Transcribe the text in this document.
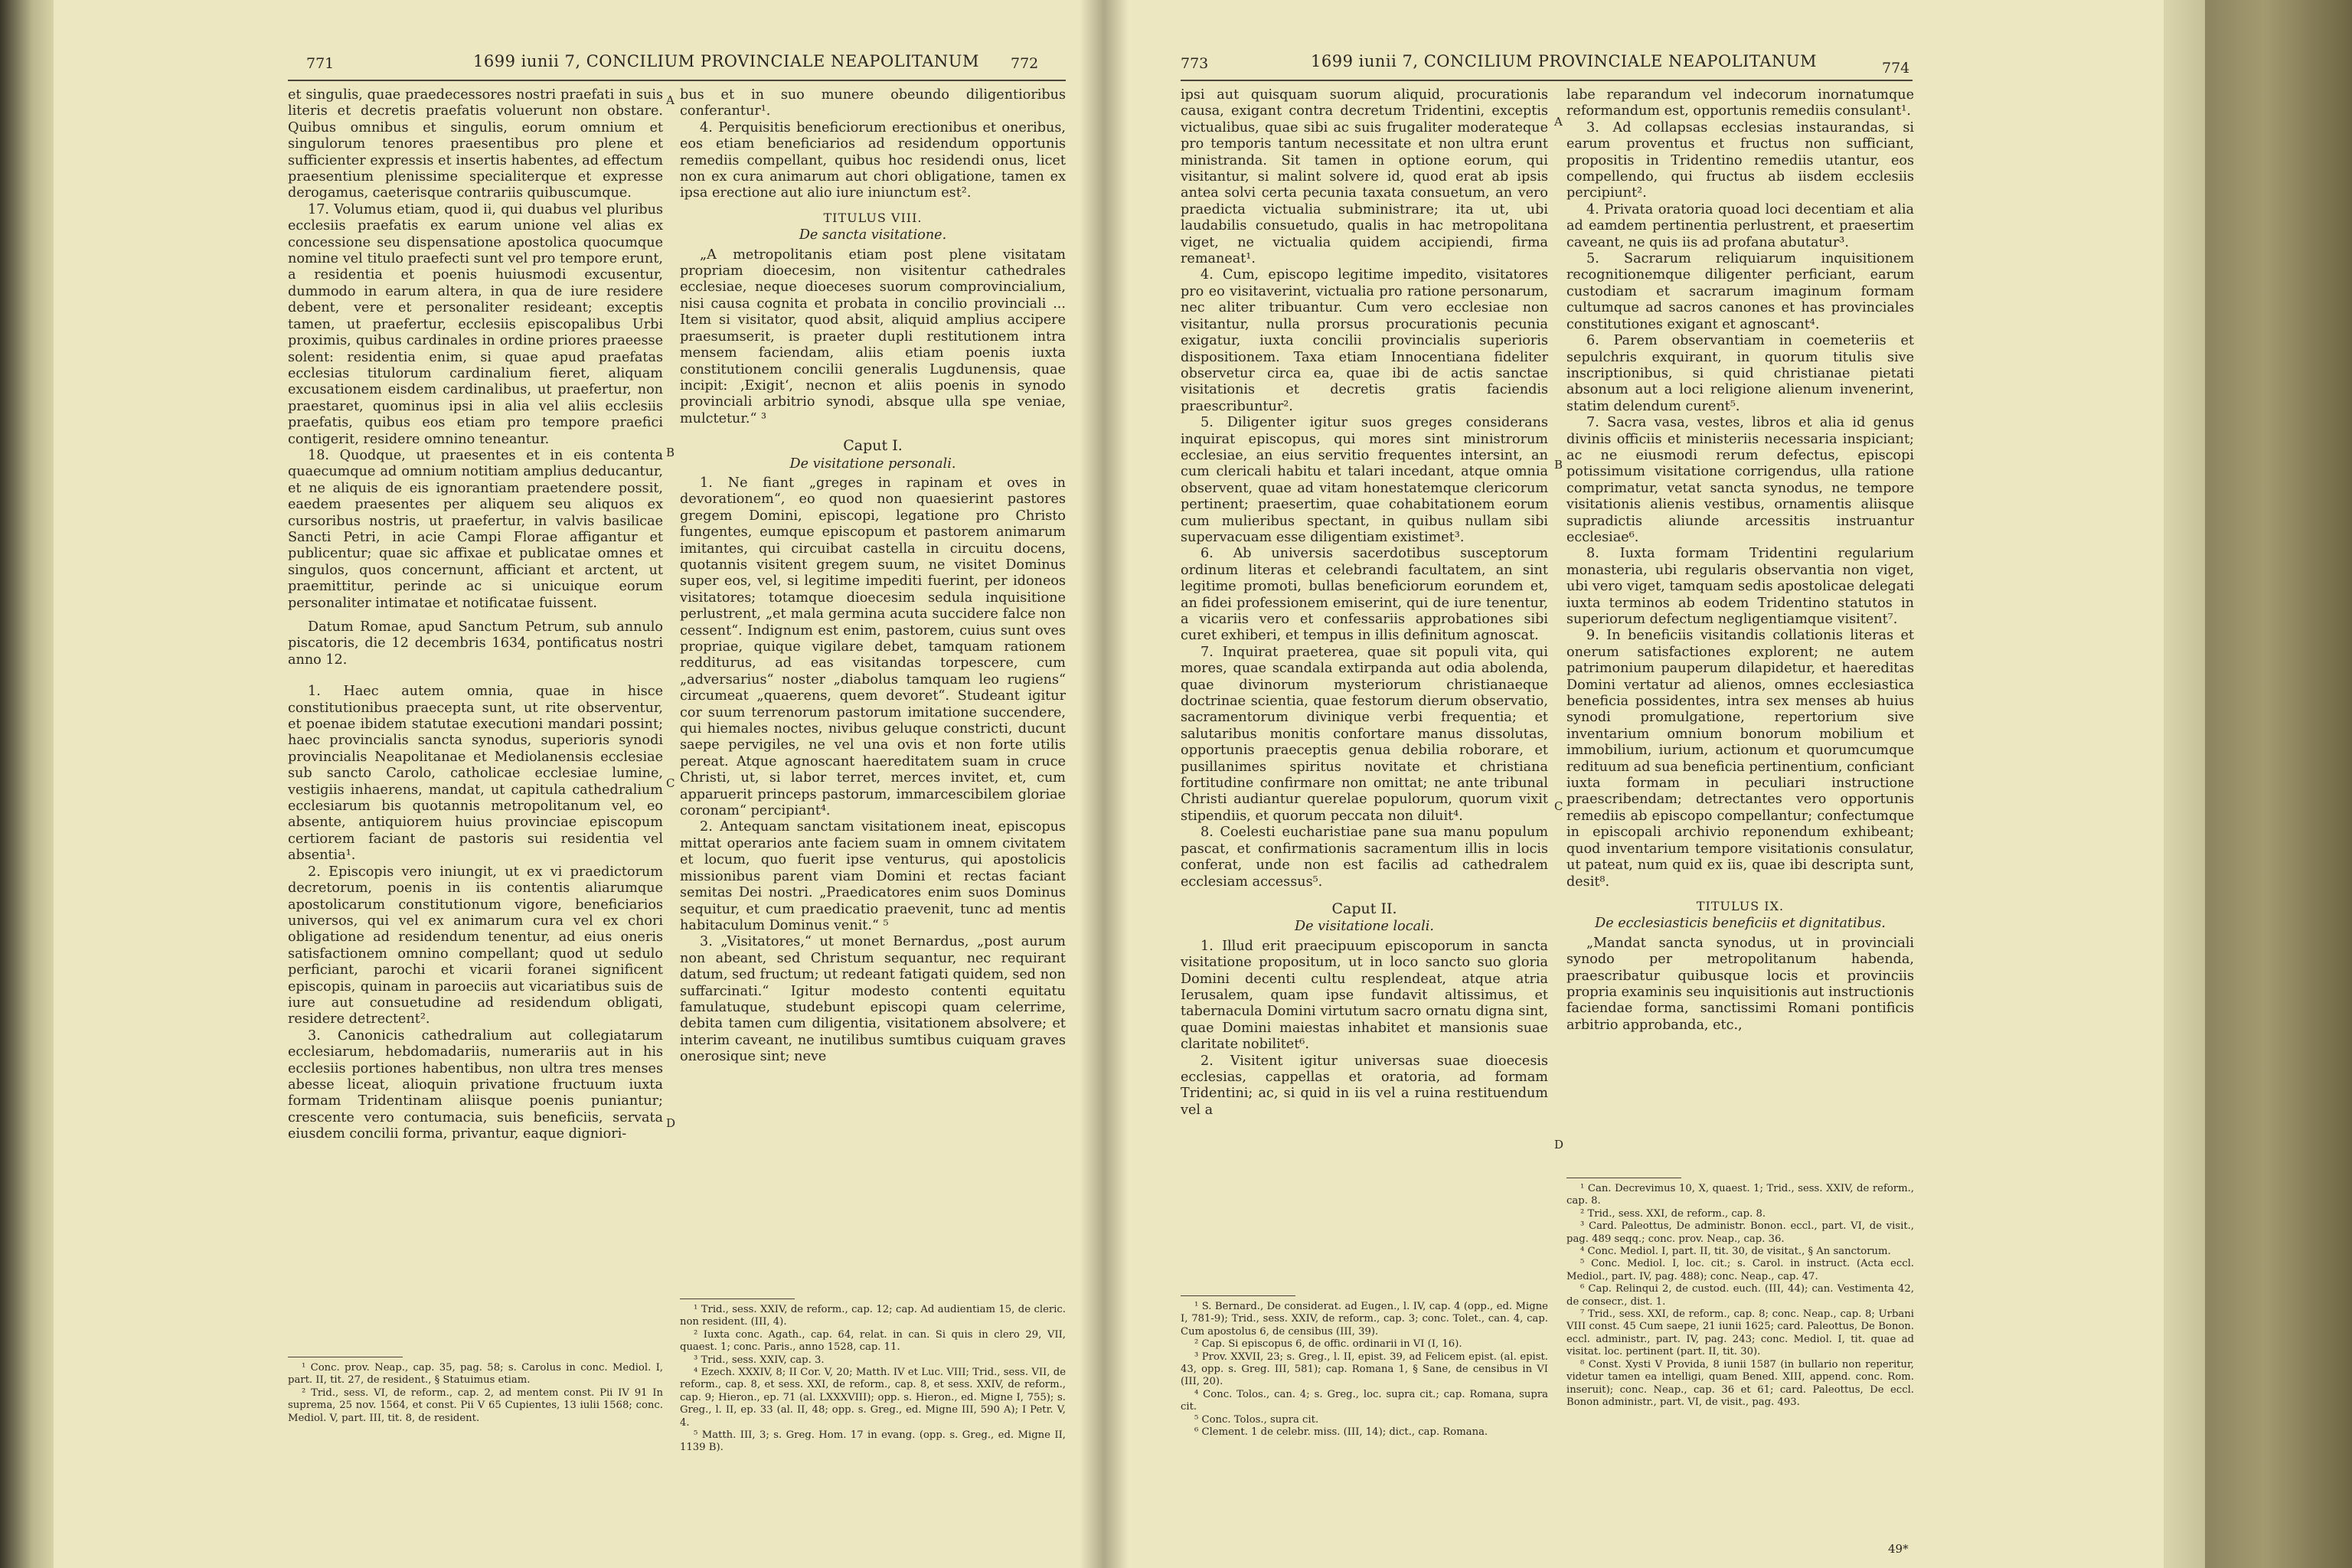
771	1699 iunii 7, CONCILIUM PROVINCIALE NEAPOLITANUM 772

et singulis, quae praedecessores nostri praefati in suis literis et decretis praefatis voluerunt non obstare. Quibus omnibus et singulis, eorum omnium et singulorum tenores praesentibus pro plene et sufficienter expressis et insertis habentes, ad effectum praesentium plenissime specialiterque et expresse derogamus, caeterisque contrariis quibuscumque.

17. Volumus etiam, quod ii, qui duabus vel pluribus ecclesiis praefatis ex earum unione vel alias ex concessione seu dispensatione apostolica quocumque nomine vel titulo praefecti sunt vel pro tempore erunt, a residentia et poenis huiusmodi excusentur, dummodo in earum altera, in qua de iure residere debent, vere et personaliter resideant; exceptis tamen, ut praefertur, ecclesiis episcopalibus Urbi proximis, quibus cardinales in ordine priores praeesse solent: residentia enim, si quae apud praefatas ecclesias titulorum cardinalium fieret, aliquam excusationem eisdem cardinalibus, ut praefertur, non praestaret, quominus ipsi in alia vel aliis ecclesiis praefatis, quibus eos etiam pro tempore praefici contigerit, residere omnino teneantur.

18. Quodque, ut praesentes et in eis contenta quaecumque ad omnium notitiam amplius deducantur, et ne aliquis de eis ignorantiam praetendere possit, eaedem praesentes per aliquem seu aliquos ex cursoribus nostris, ut praefertur, in valvis basilicae Sancti Petri, in acie Campi Florae affigantur et publicentur; quae sic affixae et publicatae omnes et singulos, quos concernunt, afficiant et arctent, ut praemittitur, perinde ac si unicuique eorum personaliter intimatae et notificatae fuissent.

Datum Romae, apud Sanctum Petrum, sub annulo piscatoris, die 12 decembris 1634, pontificatus nostri anno 12.

1. Haec autem omnia, quae in hisce constitutionibus praecepta sunt, ut rite observentur, et poenae ibidem statutae executioni mandari possint; haec provincialis sancta synodus, superioris synodi provincialis Neapolitanae et Mediolanensis ecclesiae sub sancto Carolo, catholicae ecclesiae lumine, vestigiis inhaerens, mandat, ut capitula cathedralium ecclesiarum bis quotannis metropolitanum vel, eo absente, antiquiorem huius provinciae episcopum certiorem faciant de pastoris sui residentia vel absentia¹.

2. Episcopis vero iniungit, ut ex vi praedictorum decretorum, poenis in iis contentis aliarumque apostolicarum constitutionum vigore, beneficiarios universos, qui vel ex animarum cura vel ex chori obligatione ad residendum tenentur, ad eius oneris satisfactionem omnino compellant; quod ut sedulo perficiant, parochi et vicarii foranei significent episcopis, quinam in paroeciis aut vicariatibus suis de iure aut consuetudine ad residendum obligati, residere detrectent².

3. Canonicis cathedralium aut collegiatarum ecclesiarum, hebdomadariis, numerariis aut in his ecclesiis portiones habentibus, non ultra tres menses abesse liceat, alioquin privatione fructuum iuxta formam Tridentinam aliisque poenis puniantur; crescente vero contumacia, suis beneficiis, servata eiusdem concilii forma, privantur, eaque digniori-

¹ Conc. prov. Neap., cap. 35, pag. 58; s. Carolus in conc. Mediol. I, part. II, tit. 27, de resident., § Statuimus etiam.

² Trid., sess. VI, de reform., cap. 2, ad mentem const. Pii IV 91 In suprema, 25 nov. 1564, et const. Pii V 65 Cupientes, 13 iulii 1568; conc. Mediol. V, part. III, tit. 8, de resident.

A
B
C
D

bus et in suo munere obeundo diligentioribus conferantur¹.

4. Perquisitis beneficiorum erectionibus et oneribus, eos etiam beneficiarios ad residendum opportunis remediis compellant, quibus hoc residendi onus, licet non ex cura animarum aut chori obligatione, tamen ex ipsa erectione aut alio iure iniunctum est².

TITULUS VIII.
De sancta visitatione.

„A metropolitanis etiam post plene visitatam propriam dioecesim, non visitentur cathedrales ecclesiae, neque dioeceses suorum comprovincialium, nisi causa cognita et probata in concilio provinciali ... Item si visitator, quod absit, aliquid amplius accipere praesumserit, is praeter dupli restitutionem intra mensem faciendam, aliis etiam poenis iuxta constitutionem concilii generalis Lugdunensis, quae incipit: ‚Exigit‘, necnon et aliis poenis in synodo provinciali arbitrio synodi, absque ulla spe veniae, mulctetur.“ ³

Caput I.
De visitatione personali.

1. Ne fiant „greges in rapinam et oves in devorationem“, eo quod non quaesierint pastores gregem Domini, episcopi, legatione pro Christo fungentes, eumque episcopum et pastorem animarum imitantes, qui circuibat castella in circuitu docens, quotannis visitent gregem suum, ne visitet Dominus super eos, vel, si legitime impediti fuerint, per idoneos visitatores; totamque dioecesim sedula inquisitione perlustrent, „et mala germina acuta succidere falce non cessent“. Indignum est enim, pastorem, cuius sunt oves propriae, quique vigilare debet, tamquam rationem redditurus, ad eas visitandas torpescere, cum „adversarius“ noster „diabolus tamquam leo rugiens“ circumeat „quaerens, quem devoret“. Studeant igitur cor suum terrenorum pastorum imitatione succendere, qui hiemales noctes, nivibus geluque constricti, ducunt saepe pervigiles, ne vel una ovis et non forte utilis pereat. Atque agnoscant haereditatem suam in cruce Christi, ut, si labor terret, merces invitet, et, cum apparuerit princeps pastorum, immarcescibilem gloriae coronam“ percipiant⁴.

2. Antequam sanctam visitationem ineat, episcopus mittat operarios ante faciem suam in omnem civitatem et locum, quo fuerit ipse venturus, qui apostolicis missionibus parent viam Domini et rectas faciant semitas Dei nostri. „Praedicatores enim suos Dominus sequitur, et cum praedicatio praevenit, tunc ad mentis habitaculum Dominus venit.“ ⁵

3. „Visitatores,“ ut monet Bernardus, „post aurum non abeant, sed Christum sequantur, nec requirant datum, sed fructum; ut redeant fatigati quidem, sed non suffarcinati.“ Igitur modesto contenti equitatu famulatuque, studebunt episcopi quam celerrime, debita tamen cum diligentia, visitationem absolvere; et interim caveant, ne inutilibus sumtibus cuiquam graves onerosique sint; neve

¹ Trid., sess. XXIV, de reform., cap. 12; cap. Ad audientiam 15, de cleric. non resident. (III, 4).

² Iuxta conc. Agath., cap. 64, relat. in can. Si quis in clero 29, VII, quaest. 1; conc. Paris., anno 1528, cap. 11.

³ Trid., sess. XXIV, cap. 3.

⁴ Ezech. XXXIV, 8; II Cor. V, 20; Matth. IV et Luc. VIII; Trid., sess. VII, de reform., cap. 8, et sess. XXI, de reform., cap. 8, et sess. XXIV, de reform., cap. 9; Hieron., ep. 71 (al. LXXXVIII); opp. s. Hieron., ed. Migne I, 755); s. Greg., l. II, ep. 33 (al. II, 48; opp. s. Greg., ed. Migne III, 590 A); I Petr. V, 4.

⁵ Matth. III, 3; s. Greg. Hom. 17 in evang. (opp. s. Greg., ed. Migne II, 1139 B).

773	1699 iunii 7, CONCILIUM PROVINCIALE NEAPOLITANUM	774

ipsi aut quisquam suorum aliquid, procurationis causa, exigant contra decretum Tridentini, exceptis victualibus, quae sibi ac suis frugaliter moderateque pro temporis tantum necessitate et non ultra erunt ministranda. Sit tamen in optione eorum, qui visitantur, si malint solvere id, quod erat ab ipsis antea solvi certa pecunia taxata consuetum, an vero praedicta victualia subministrare; ita ut, ubi laudabilis consuetudo, qualis in hac metropolitana viget, ne victualia quidem accipiendi, firma remaneat¹.

4. Cum, episcopo legitime impedito, visitatores pro eo visitaverint, victualia pro ratione personarum, nec aliter tribuantur. Cum vero ecclesiae non visitantur, nulla prorsus procurationis pecunia exigatur, iuxta concilii provincialis superioris dispositionem. Taxa etiam Innocentiana fideliter observetur circa ea, quae ibi de actis sanctae visitationis et decretis gratis faciendis praescribuntur².

5. Diligenter igitur suos greges considerans inquirat episcopus, qui mores sint ministrorum ecclesiae, an eius servitio frequentes intersint, an cum clericali habitu et talari incedant, atque omnia observent, quae ad vitam honestatemque clericorum pertinent; praesertim, quae cohabitationem eorum cum mulieribus spectant, in quibus nullam sibi supervacuam esse diligentiam existimet³.

6. Ab universis sacerdotibus susceptorum ordinum literas et celebrandi facultatem, an sint legitime promoti, bullas beneficiorum eorundem et, an fidei professionem emiserint, qui de iure tenentur, a vicariis vero et confessariis approbationes sibi curet exhiberi, et tempus in illis definitum agnoscat.

7. Inquirat praeterea, quae sit populi vita, qui mores, quae scandala extirpanda aut odia abolenda, quae divinorum mysteriorum christianaeque doctrinae scientia, quae festorum dierum observatio, sacramentorum divinique verbi frequentia; et salutaribus monitis confortare manus dissolutas, opportunis praeceptis genua debilia roborare, et pusillanimes spiritus novitate et christiana fortitudine confirmare non omittat; ne ante tribunal Christi audiantur querelae populorum, quorum vixit stipendiis, et quorum peccata non diluit⁴.

8. Coelesti eucharistiae pane sua manu populum pascat, et confirmationis sacramentum illis in locis conferat, unde non est facilis ad cathedralem ecclesiam accessus⁵.

Caput II.
De visitatione locali.

1. Illud erit praecipuum episcoporum in sancta visitatione propositum, ut in loco sancto suo gloria Domini decenti cultu resplendeat, atque atria Ierusalem, quam ipse fundavit altissimus, et tabernacula Domini virtutum sacro ornatu digna sint, quae Domini maiestas inhabitet et mansionis suae claritate nobilitet⁶.

2. Visitent igitur universas suae dioecesis ecclesias, cappellas et oratoria, ad formam Tridentini; ac, si quid in iis vel a ruina restituendum vel a

¹ S. Bernard., De considerat. ad Eugen., l. IV, cap. 4 (opp., ed. Migne I, 781-9); Trid., sess. XXIV, de reform., cap. 3; conc. Tolet., can. 4, cap. Cum apostolus 6, de censibus (III, 39).

² Cap. Si episcopus 6, de offic. ordinarii in VI (I, 16).

³ Prov. XXVII, 23; s. Greg., l. II, epist. 39, ad Felicem epist. (al. epist. 43, opp. s. Greg. III, 581); cap. Romana 1, § Sane, de censibus in VI (III, 20).

⁴ Conc. Tolos., can. 4; s. Greg., loc. supra cit.; cap. Romana, supra cit.

⁵ Conc. Tolos., supra cit.

⁶ Clement. 1 de celebr. miss. (III, 14); dict., cap. Romana.

A
B
C
D

labe reparandum vel indecorum inornatumque reformandum est, opportunis remediis consulant¹.

3. Ad collapsas ecclesias instaurandas, si earum proventus et fructus non sufficiant, propositis in Tridentino remediis utantur, eos compellendo, qui fructus ab iisdem ecclesiis percipiunt².

4. Privata oratoria quoad loci decentiam et alia ad eamdem pertinentia perlustrent, et praesertim caveant, ne quis iis ad profana abutatur³.

5. Sacrarum reliquiarum inquisitionem recognitionemque diligenter perficiant, earum custodiam et sacrarum imaginum formam cultumque ad sacros canones et has provinciales constitutiones exigant et agnoscant⁴.

6. Parem observantiam in coemeteriis et sepulchris exquirant, in quorum titulis sive inscriptionibus, si quid christianae pietati absonum aut a loci religione alienum invenerint, statim delendum curent⁵.

7. Sacra vasa, vestes, libros et alia id genus divinis officiis et ministeriis necessaria inspiciant; ac ne eiusmodi rerum defectus, episcopi potissimum visitatione corrigendus, ulla ratione comprimatur, vetat sancta synodus, ne tempore visitationis alienis vestibus, ornamentis aliisque supradictis aliunde arcessitis instruantur ecclesiae⁶.

8. Iuxta formam Tridentini regularium monasteria, ubi regularis observantia non viget, ubi vero viget, tamquam sedis apostolicae delegati iuxta terminos ab eodem Tridentino statutos in superiorum defectum negligentiamque visitent⁷.

9. In beneficiis visitandis collationis literas et onerum satisfactiones explorent; ne autem patrimonium pauperum dilapidetur, et haereditas Domini vertatur ad alienos, omnes ecclesiastica beneficia possidentes, intra sex menses ab huius synodi promulgatione, repertorium sive inventarium omnium bonorum mobilium et immobilium, iurium, actionum et quorumcumque redituum ad sua beneficia pertinentium, conficiant iuxta formam in peculiari instructione praescribendam; detrectantes vero opportunis remediis ab episcopo compellantur; confectumque in episcopali archivio reponendum exhibeant; quod inventarium tempore visitationis consulatur, ut pateat, num quid ex iis, quae ibi descripta sunt, desit⁸.

TITULUS IX.
De ecclesiasticis beneficiis et dignitatibus.

„Mandat sancta synodus, ut in provinciali synodo per metropolitanum habenda, praescribatur quibusque locis et provinciis propria examinis seu inquisitionis aut instructionis faciendae forma, sanctissimi Romani pontificis arbitrio approbanda, etc.,

¹ Can. Decrevimus 10, X, quaest. 1; Trid., sess. XXIV, de reform., cap. 8.

² Trid., sess. XXI, de reform., cap. 8.

³ Card. Paleottus, De administr. Bonon. eccl., part. VI, de visit., pag. 489 seqq.; conc. prov. Neap., cap. 36.

⁴ Conc. Mediol. I, part. II, tit. 30, de visitat., § An sanctorum.

⁵ Conc. Mediol. I, loc. cit.; s. Carol. in instruct. (Acta eccl. Mediol., part. IV, pag. 488); conc. Neap., cap. 47.

⁶ Cap. Relinqui 2, de custod. euch. (III, 44); can. Vestimenta 42, de consecr., dist. 1.

⁷ Trid., sess. XXI, de reform., cap. 8; conc. Neap., cap. 8; Urbani VIII const. 45 Cum saepe, 21 iunii 1625; card. Paleottus, De Bonon. eccl. administr., part. IV, pag. 243; conc. Mediol. I, tit. quae ad visitat. loc. pertinent (part. II, tit. 30).

⁸ Const. Xysti V Provida, 8 iunii 1587 (in bullario non reperitur, videtur tamen ea intelligi, quam Bened. XIII, append. conc. Rom. inseruit); conc. Neap., cap. 36 et 61; card. Paleottus, De eccl. Bonon administr., part. VI, de visit., pag. 493.

49*
